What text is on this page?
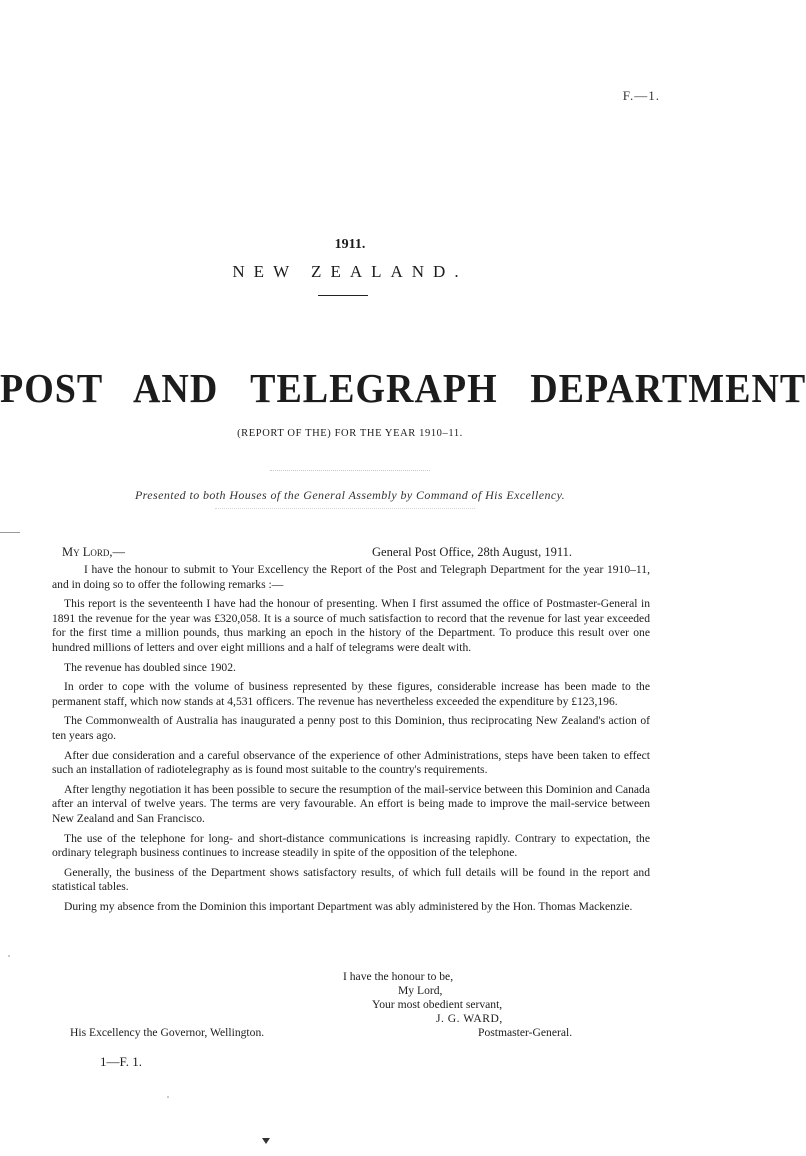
F.—1.
1911.
NEW ZEALAND.
POST AND TELEGRAPH DEPARTMENT
(REPORT OF THE) FOR THE YEAR 1910–11.
Presented to both Houses of the General Assembly by Command of His Excellency.
My Lord,—	General Post Office, 28th August, 1911.

I have the honour to submit to Your Excellency the Report of the Post and Telegraph Department for the year 1910–11, and in doing so to offer the following remarks :—

This report is the seventeenth I have had the honour of presenting. When I first assumed the office of Postmaster-General in 1891 the revenue for the year was £320,058. It is a source of much satisfaction to record that the revenue for last year exceeded for the first time a million pounds, thus marking an epoch in the history of the Department. To produce this result over one hundred millions of letters and over eight millions and a half of telegrams were dealt with.

The revenue has doubled since 1902.

In order to cope with the volume of business represented by these figures, considerable increase has been made to the permanent staff, which now stands at 4,531 officers. The revenue has nevertheless exceeded the expenditure by £123,196.

The Commonwealth of Australia has inaugurated a penny post to this Dominion, thus reciprocating New Zealand's action of ten years ago.

After due consideration and a careful observance of the experience of other Administrations, steps have been taken to effect such an installation of radiotelegraphy as is found most suitable to the country's requirements.

After lengthy negotiation it has been possible to secure the resumption of the mail-service between this Dominion and Canada after an interval of twelve years. The terms are very favourable. An effort is being made to improve the mail-service between New Zealand and San Francisco.

The use of the telephone for long- and short-distance communications is increasing rapidly. Contrary to expectation, the ordinary telegraph business continues to increase steadily in spite of the opposition of the telephone.

Generally, the business of the Department shows satisfactory results, of which full details will be found in the report and statistical tables.

During my absence from the Dominion this important Department was ably administered by the Hon. Thomas Mackenzie.

I have the honour to be,
My Lord,
Your most obedient servant,
J. G. WARD,
Postmaster-General.
His Excellency the Governor, Wellington.
1—F. 1.
